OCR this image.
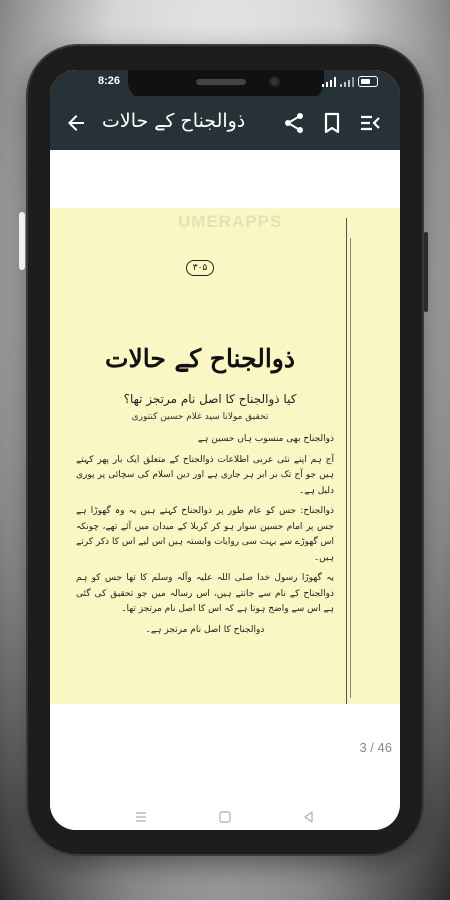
8:26
ذوالجناح کے حالات
UMERAPPS
۳۰۵
ذوالجناح کے حالات
کیا ذوالجناح کا اصل نام مرتجز تھا؟
تحقیق مولانا سید غلام حسین کنتوری

ذوالجناح بھی منسوب ہاں حسین ہے

آج ہم اپنے نئی عربی اطلاعات ذوالجناح کے متعلق ایک بار پھر کہتے ہیں جو آج تک بر ابر ہر جاری ہے اور دین اسلام کی سچائی پر پوری دلیل ہے۔

ذوالجناح: جس کو عام طور پر ذوالجناح کہتے ہیں یہ وہ گھوڑا ہے جس پر امام حسین سوار ہو کر کربلا کے میدان میں آئے تھے، چونکہ اس گھوڑے سے بہت سی روایات وابستہ ہیں اس لیے اس کا ذکر کرتے ہیں۔

یہ گھوڑا رسول خدا صلی اللہ علیہ وآلہ وسلم کا تھا جس کو ہم ذوالجناح کے نام سے جانتے ہیں، اس رسالہ میں جو تحقیق کی گئی ہے اس سے واضح ہوتا ہے کہ اس کا اصل نام مرتجز تھا۔

ذوالجناح کا اصل نام مرتجز ہے۔

3 / 46
